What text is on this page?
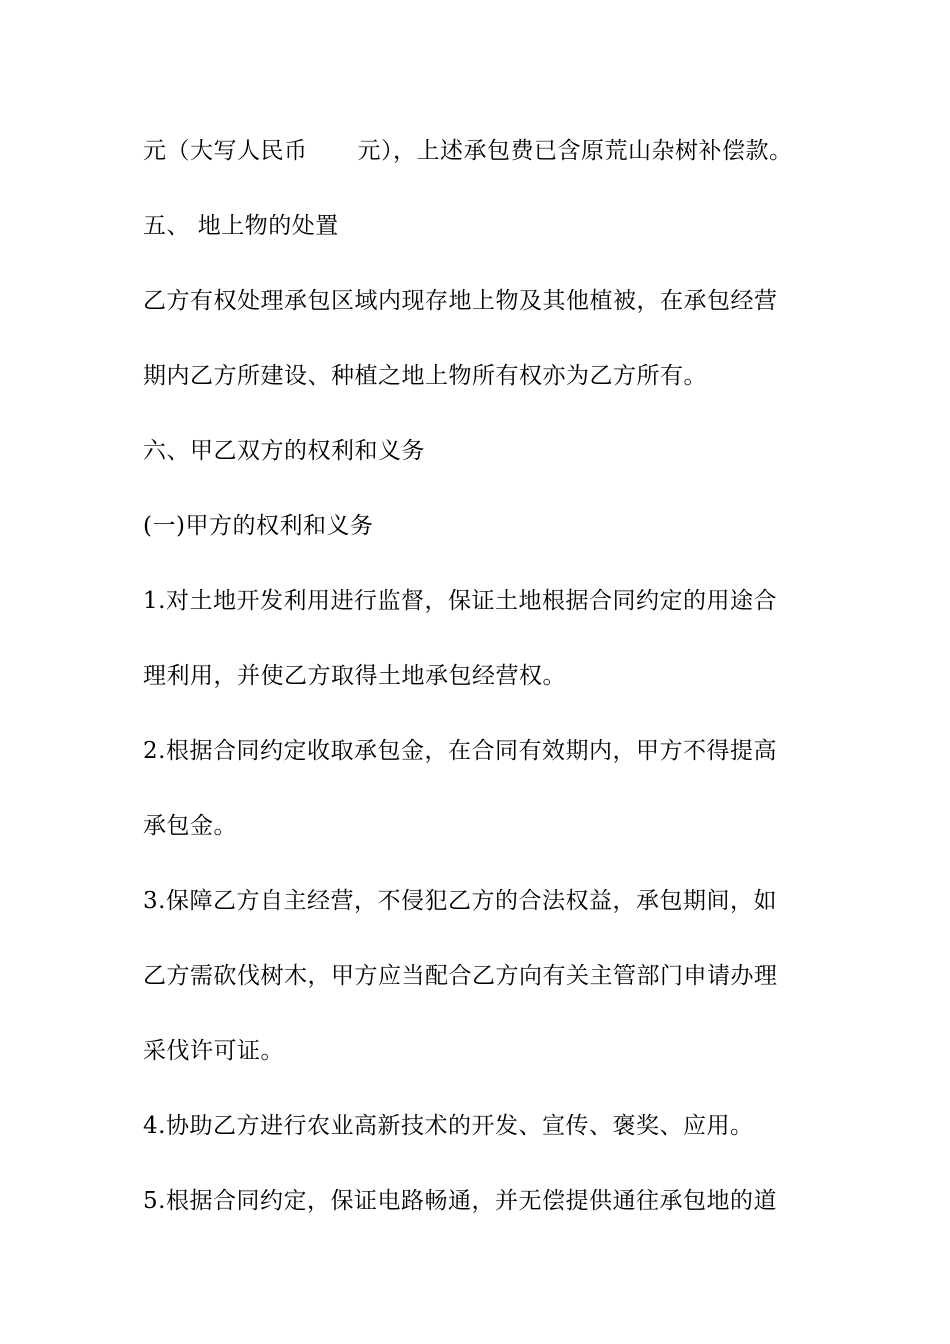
元（大写人民币 元），上述承包费已含原荒山杂树补偿款。
五、 地上物的处置
乙方有权处理承包区域内现存地上物及其他植被，在承包经营
期内乙方所建设、种植之地上物所有权亦为乙方所有。
六、甲乙双方的权利和义务
(一)甲方的权利和义务
1.对土地开发利用进行监督，保证土地根据合同约定的用途合
理利用，并使乙方取得土地承包经营权。
2.根据合同约定收取承包金，在合同有效期内，甲方不得提高
承包金。
3.保障乙方自主经营，不侵犯乙方的合法权益，承包期间，如
乙方需砍伐树木，甲方应当配合乙方向有关主管部门申请办理
采伐许可证。
4.协助乙方进行农业高新技术的开发、宣传、褒奖、应用。
5.根据合同约定，保证电路畅通，并无偿提供通往承包地的道
